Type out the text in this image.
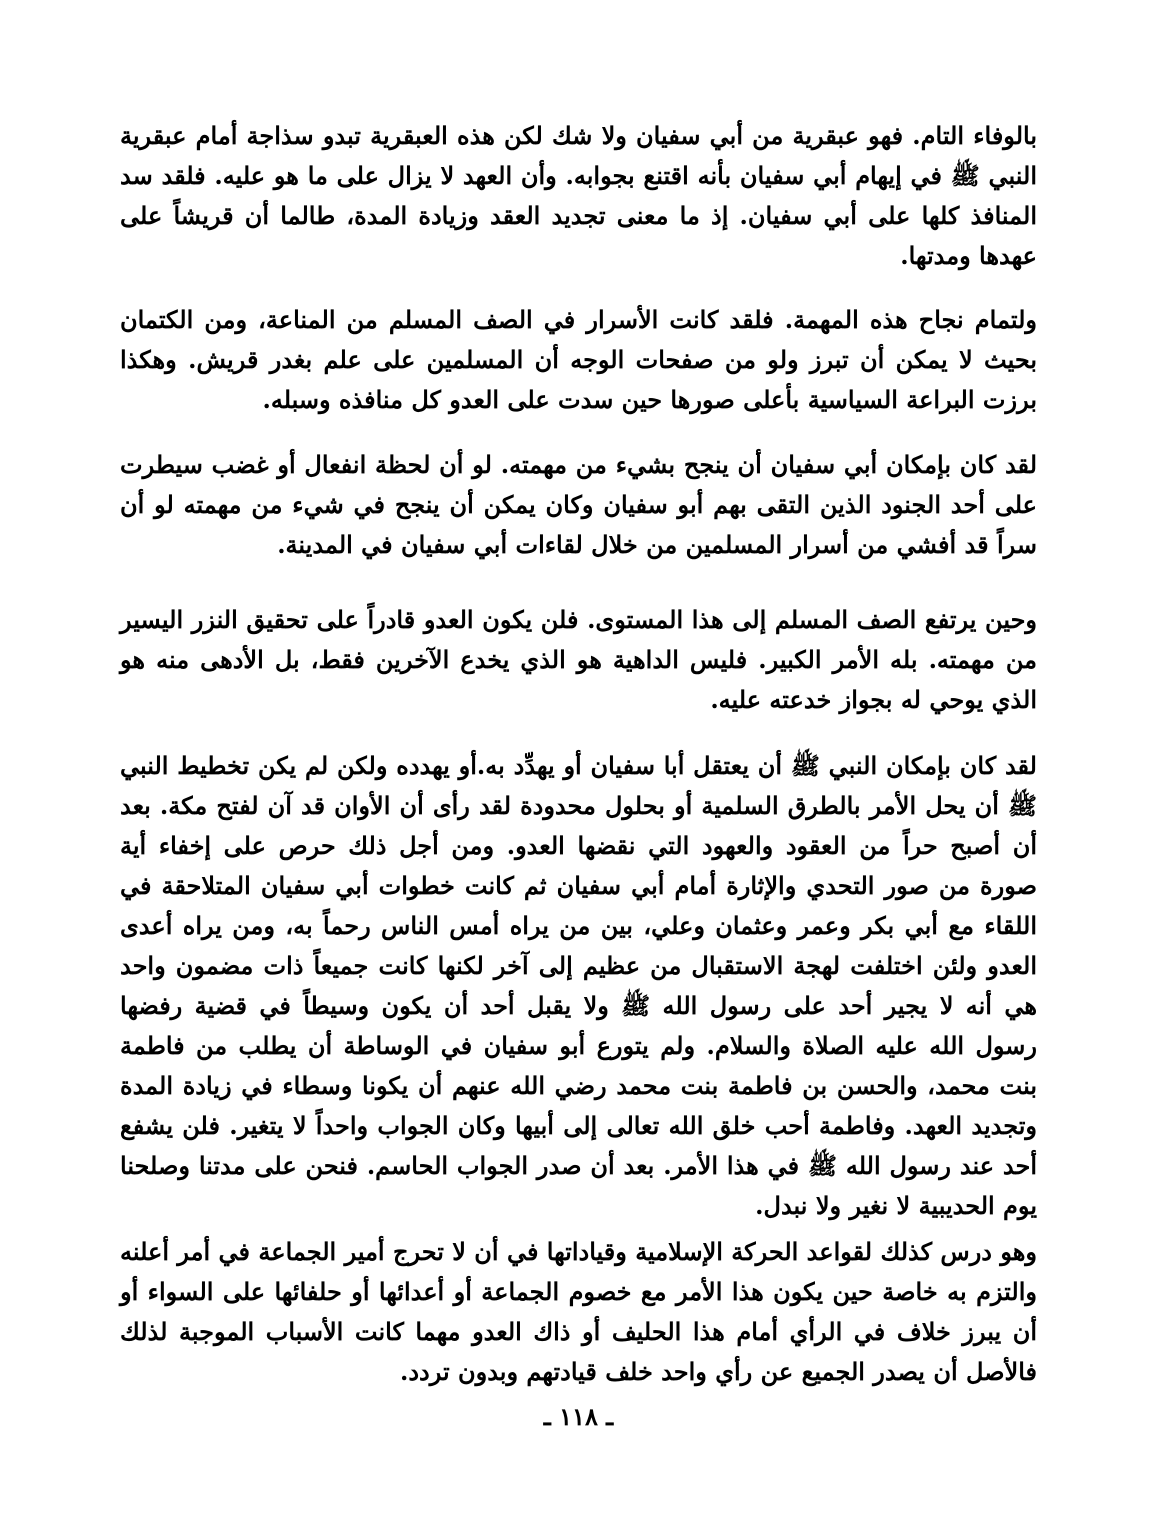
بالوفاء التام. فهو عبقرية من أبي سفيان ولا شك لكن هذه العبقرية تبدو سذاجة أمام عبقرية النبي ﷺ في إيهام أبي سفيان بأنه اقتنع بجوابه. وأن العهد لا يزال على ما هو عليه. فلقد سد المنافذ كلها على أبي سفيان. إذ ما معنى تجديد العقد وزيادة المدة، طالما أن قريشاً على عهدها ومدتها.

ولتمام نجاح هذه المهمة. فلقد كانت الأسرار في الصف المسلم من المناعة، ومن الكتمان بحيث لا يمكن أن تبرز ولو من صفحات الوجه أن المسلمين على علم بغدر قريش. وهكذا برزت البراعة السياسية بأعلى صورها حين سدت على العدو كل منافذه وسبله.

لقد كان بإمكان أبي سفيان أن ينجح بشيء من مهمته. لو أن لحظة انفعال أو غضب سيطرت على أحد الجنود الذين التقى بهم أبو سفيان وكان يمكن أن ينجح في شيء من مهمته لو أن سراً قد أفشي من أسرار المسلمين من خلال لقاءات أبي سفيان في المدينة.

وحين يرتفع الصف المسلم إلى هذا المستوى. فلن يكون العدو قادراً على تحقيق النزر اليسير من مهمته. بله الأمر الكبير. فليس الداهية هو الذي يخدع الآخرين فقط، بل الأدهى منه هو الذي يوحي له بجواز خدعته عليه.

لقد كان بإمكان النبي ﷺ أن يعتقل أبا سفيان أو يهدِّد به.أو يهدده ولكن لم يكن تخطيط النبي ﷺ أن يحل الأمر بالطرق السلمية أو بحلول محدودة لقد رأى أن الأوان قد آن لفتح مكة. بعد أن أصبح حراً من العقود والعهود التي نقضها العدو. ومن أجل ذلك حرص على إخفاء أية صورة من صور التحدي والإثارة أمام أبي سفيان ثم كانت خطوات أبي سفيان المتلاحقة في اللقاء مع أبي بكر وعمر وعثمان وعلي، بين من يراه أمس الناس رحماً به، ومن يراه أعدى العدو ولئن اختلفت لهجة الاستقبال من عظيم إلى آخر لكنها كانت جميعاً ذات مضمون واحد هي أنه لا يجير أحد على رسول الله ﷺ ولا يقبل أحد أن يكون وسيطاً في قضية رفضها رسول الله عليه الصلاة والسلام. ولم يتورع أبو سفيان في الوساطة أن يطلب من فاطمة بنت محمد، والحسن بن فاطمة بنت محمد رضي الله عنهم أن يكونا وسطاء في زيادة المدة وتجديد العهد. وفاطمة أحب خلق الله تعالى إلى أبيها وكان الجواب واحداً لا يتغير. فلن يشفع أحد عند رسول الله ﷺ في هذا الأمر. بعد أن صدر الجواب الحاسم. فنحن على مدتنا وصلحنا يوم الحديبية لا نغير ولا نبدل.

وهو درس كذلك لقواعد الحركة الإسلامية وقياداتها في أن لا تحرج أمير الجماعة في أمر أعلنه والتزم به خاصة حين يكون هذا الأمر مع خصوم الجماعة أو أعدائها أو حلفائها على السواء أو أن يبرز خلاف في الرأي أمام هذا الحليف أو ذاك العدو مهما كانت الأسباب الموجبة لذلك فالأصل أن يصدر الجميع عن رأي واحد خلف قيادتهم وبدون تردد.

ـ ١١٨ ـ
